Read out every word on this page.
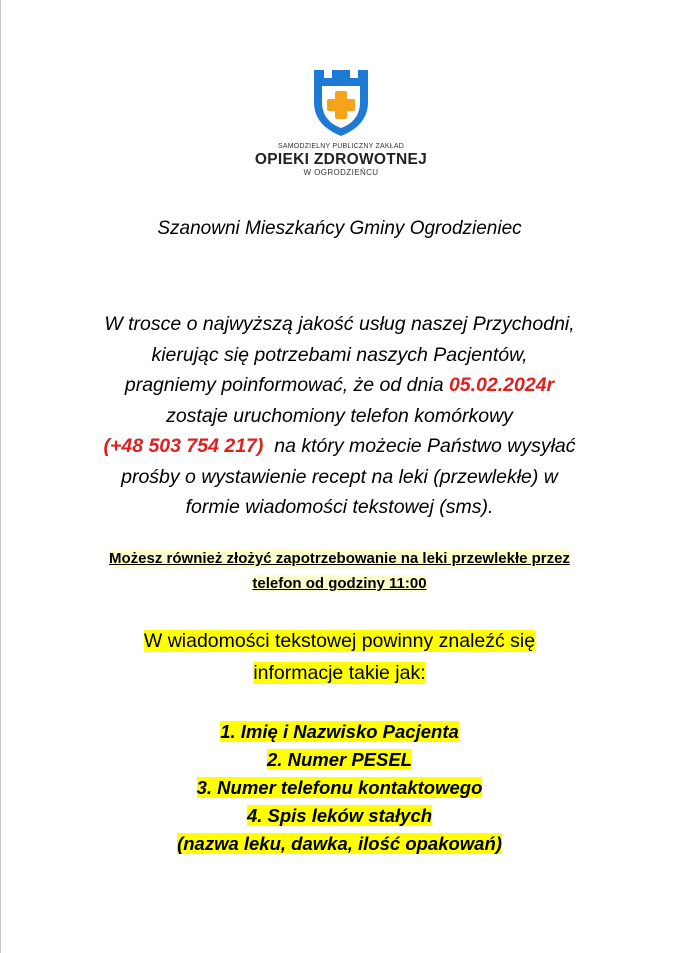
SAMODZIELNY PUBLICZNY ZAKŁAD
OPIEKI ZDROWOTNEJ
W OGRODZIEŃCU
Szanowni Mieszkańcy Gminy Ogrodzieniec
W trosce o najwyższą jakość usług naszej Przychodni,
kierując się potrzebami naszych Pacjentów,
pragniemy poinformować, że od dnia 05.02.2024r
zostaje uruchomiony telefon komórkowy
(+48 503 754 217)  na który możecie Państwo wysyłać
prośby o wystawienie recept na leki (przewlekłe) w
formie wiadomości tekstowej (sms).
Możesz również złożyć zapotrzebowanie na leki przewlekłe przez
telefon od godziny 11:00
W wiadomości tekstowej powinny znaleźć się
informacje takie jak:
1. Imię i Nazwisko Pacjenta
2. Numer PESEL
3. Numer telefonu kontaktowego
4. Spis leków stałych
(nazwa leku, dawka, ilość opakowań)
